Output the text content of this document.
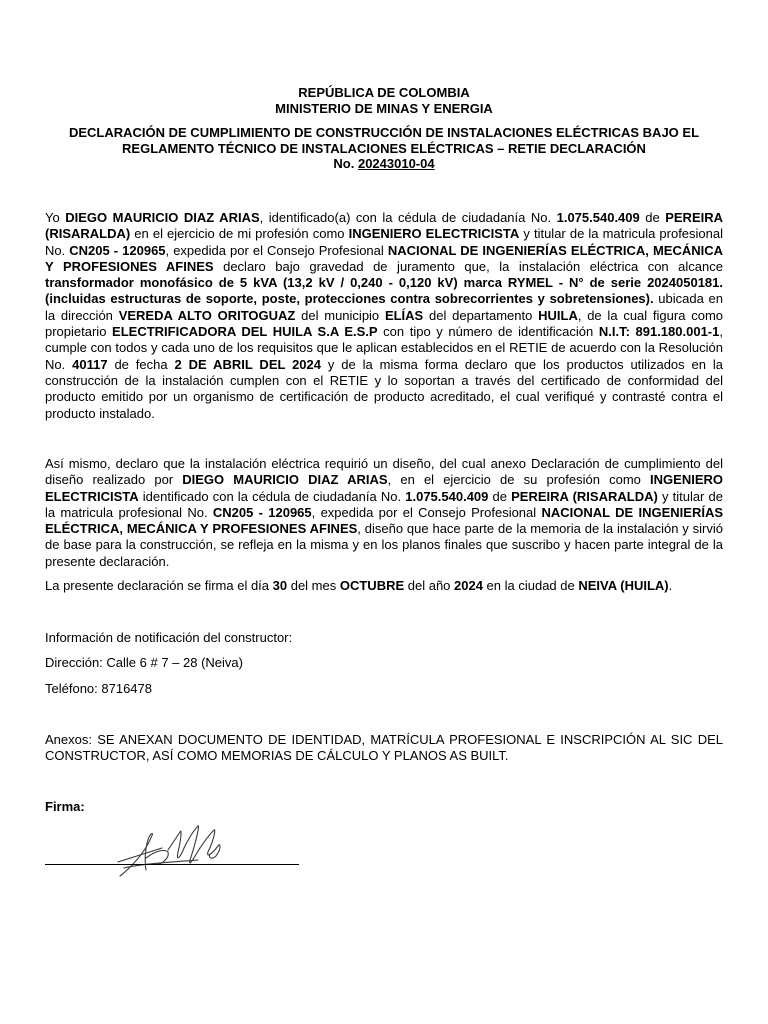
REPÚBLICA DE COLOMBIA
MINISTERIO DE MINAS Y ENERGIA
DECLARACIÓN DE CUMPLIMIENTO DE CONSTRUCCIÓN DE INSTALACIONES ELÉCTRICAS BAJO EL
REGLAMENTO TÉCNICO DE INSTALACIONES ELÉCTRICAS – RETIE DECLARACIÓN
No. 20243010-04
Yo DIEGO MAURICIO DIAZ ARIAS, identificado(a) con la cédula de ciudadanía No. 1.075.540.409 de PEREIRA (RISARALDA) en el ejercicio de mi profesión como INGENIERO ELECTRICISTA y titular de la matricula profesional No. CN205 - 120965, expedida por el Consejo Profesional NACIONAL DE INGENIERÍAS ELÉCTRICA, MECÁNICA Y PROFESIONES AFINES declaro bajo gravedad de juramento que, la instalación eléctrica con alcance transformador monofásico de 5 kVA (13,2 kV / 0,240 - 0,120 kV) marca RYMEL - N° de serie 2024050181. (incluidas estructuras de soporte, poste, protecciones contra sobrecorrientes y sobretensiones). ubicada en la dirección VEREDA ALTO ORITOGUAZ del municipio ELÍAS del departamento HUILA, de la cual figura como propietario ELECTRIFICADORA DEL HUILA S.A E.S.P con tipo y número de identificación N.I.T: 891.180.001-1, cumple con todos y cada uno de los requisitos que le aplican establecidos en el RETIE de acuerdo con la Resolución No. 40117 de fecha 2 DE ABRIL DEL 2024 y de la misma forma declaro que los productos utilizados en la construcción de la instalación cumplen con el RETIE y lo soportan a través del certificado de conformidad del producto emitido por un organismo de certificación de producto acreditado, el cual verifiqué y contrasté contra el producto instalado.
Así mismo, declaro que la instalación eléctrica requirió un diseño, del cual anexo Declaración de cumplimiento del diseño realizado por DIEGO MAURICIO DIAZ ARIAS, en el ejercicio de su profesión como INGENIERO ELECTRICISTA identificado con la cédula de ciudadanía No. 1.075.540.409 de PEREIRA (RISARALDA) y titular de la matricula profesional No. CN205 - 120965, expedida por el Consejo Profesional NACIONAL DE INGENIERÍAS ELÉCTRICA, MECÁNICA Y PROFESIONES AFINES, diseño que hace parte de la memoria de la instalación y sirvió de base para la construcción, se refleja en la misma y en los planos finales que suscribo y hacen parte integral de la presente declaración.
La presente declaración se firma el día 30 del mes OCTUBRE del año 2024 en la ciudad de NEIVA (HUILA).
Información de notificación del constructor:
Dirección: Calle 6 # 7 – 28 (Neiva)
Teléfono: 8716478
Anexos: SE ANEXAN DOCUMENTO DE IDENTIDAD, MATRÍCULA PROFESIONAL E INSCRIPCIÓN AL SIC DEL CONSTRUCTOR, ASÍ COMO MEMORIAS DE CÁLCULO Y PLANOS AS BUILT.
Firma:
